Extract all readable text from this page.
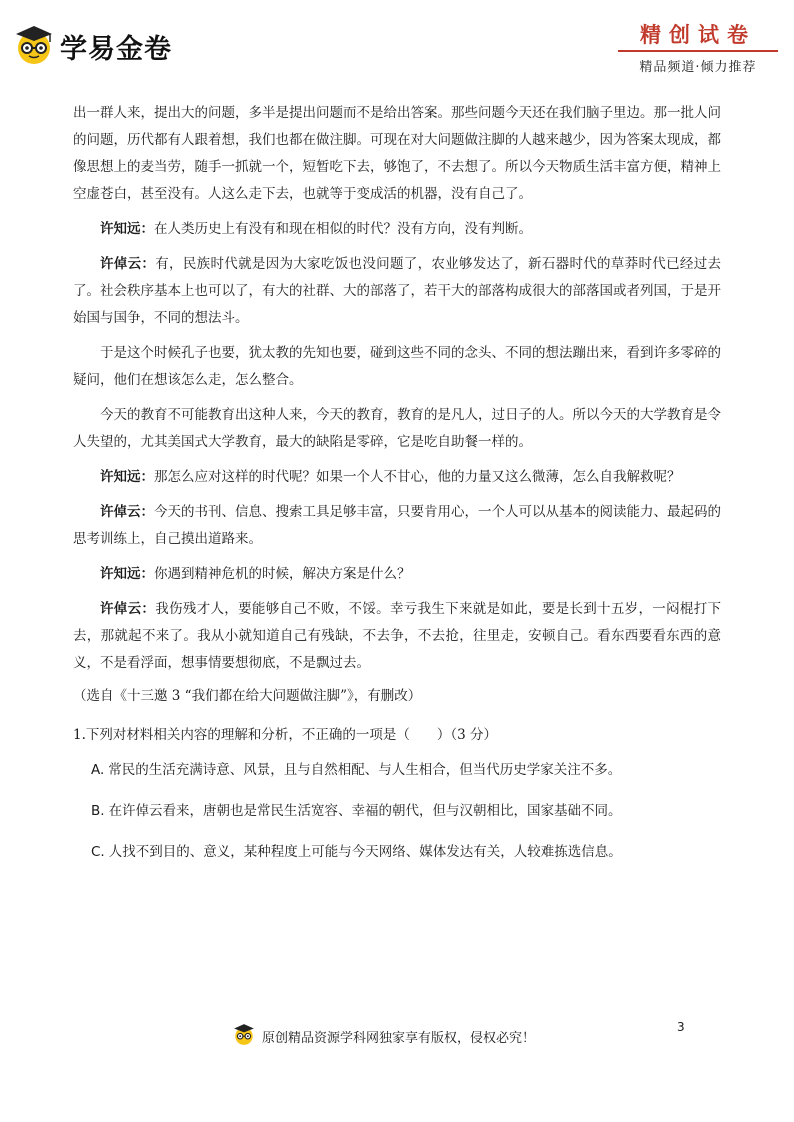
学易金卷	精创试卷
精品频道·倾力推荐

出一群人来，提出大的问题，多半是提出问题而不是给出答案。那些问题今天还在我们脑子里边。那一批人问的问题，历代都有人跟着想，我们也都在做注脚。可现在对大问题做注脚的人越来越少，因为答案太现成，都像思想上的麦当劳，随手一抓就一个，短暂吃下去，够饱了，不去想了。所以今天物质生活丰富方便，精神上空虚苍白，甚至没有。人这么走下去，也就等于变成活的机器，没有自己了。

许知远：在人类历史上有没有和现在相似的时代？没有方向，没有判断。

许倬云：有，民族时代就是因为大家吃饭也没问题了，农业够发达了，新石器时代的草莽时代已经过去了。社会秩序基本上也可以了，有大的社群、大的部落了，若干大的部落构成很大的部落国或者列国，于是开始国与国争，不同的想法斗。

于是这个时候孔子也要，犹太教的先知也要，碰到这些不同的念头、不同的想法蹦出来，看到许多零碎的疑问，他们在想该怎么走，怎么整合。

今天的教育不可能教育出这种人来，今天的教育，教育的是凡人，过日子的人。所以今天的大学教育是令人失望的，尤其美国式大学教育，最大的缺陷是零碎，它是吃自助餐一样的。

许知远：那怎么应对这样的时代呢？如果一个人不甘心，他的力量又这么微薄，怎么自我解救呢？

许倬云：今天的书刊、信息、搜索工具足够丰富，只要肯用心，一个人可以从基本的阅读能力、最起码的思考训练上，自己摸出道路来。

许知远：你遇到精神危机的时候，解决方案是什么？

许倬云：我伤残才人，要能够自己不败，不馁。幸亏我生下来就是如此，要是长到十五岁，一闷棍打下去，那就起不来了。我从小就知道自己有残缺，不去争，不去抢，往里走，安顿自己。看东西要看东西的意义，不是看浮面，想事情要想彻底，不是飘过去。

（选自《十三邀 3 “我们都在给大问题做注脚”》，有删改）

1.下列对材料相关内容的理解和分析，不正确的一项是（　　）（3 分）

A. 常民的生活充满诗意、风景，且与自然相配、与人生相合，但当代历史学家关注不多。

B. 在许倬云看来，唐朝也是常民生活宽容、幸福的朝代，但与汉朝相比，国家基础不同。

C. 人找不到目的、意义，某种程度上可能与今天网络、媒体发达有关，人较难拣选信息。

原创精品资源学科网独家享有版权，侵权必究！
3
